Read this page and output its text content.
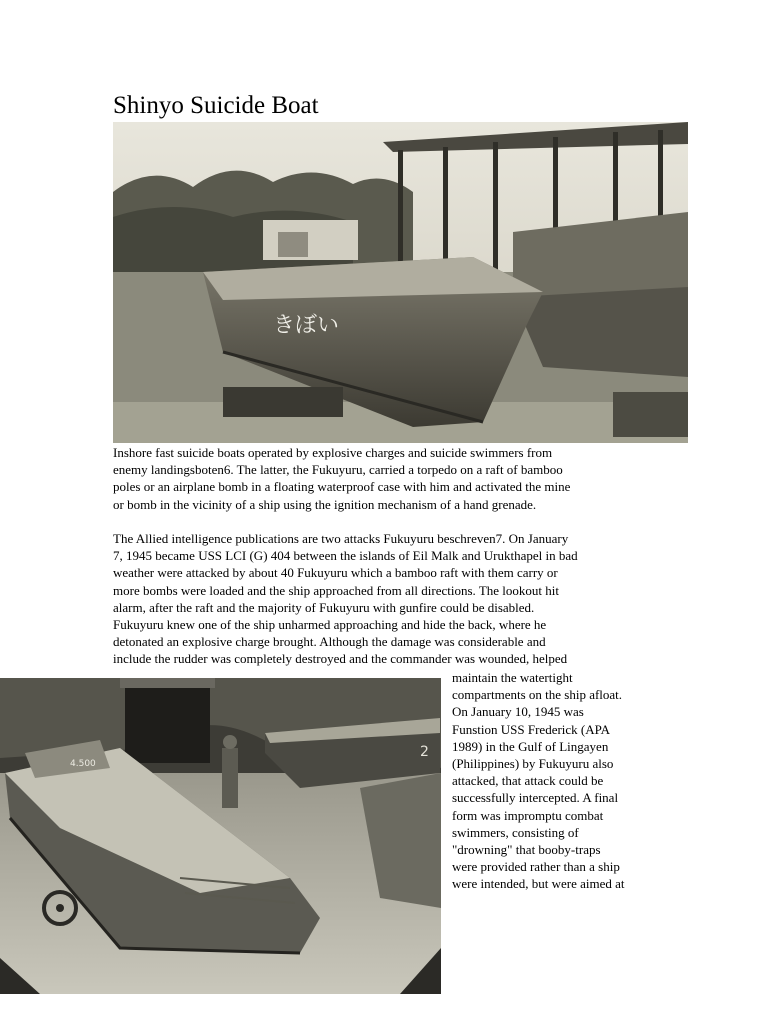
Shinyo Suicide Boat
きぼい
Inshore fast suicide boats operated by explosive charges and suicide swimmers from
enemy landingsboten6. The latter, the Fukuyuru, carried a torpedo on a raft of bamboo
poles or an airplane bomb in a floating waterproof case with him and activated the mine
or bomb in the vicinity of a ship using the ignition mechanism of a hand grenade.
The Allied intelligence publications are two attacks Fukuyuru beschreven7. On January
7, 1945 became USS LCI (G) 404 between the islands of Eil Malk and Urukthapel in bad
weather were attacked by about 40 Fukuyuru which a bamboo raft with them carry or
more bombs were loaded and the ship approached from all directions. The lookout hit
alarm, after the raft and the majority of Fukuyuru with gunfire could be disabled.
Fukuyuru knew one of the ship unharmed approaching and hide the back, where he
detonated an explosive charge brought. Although the damage was considerable and
include the rudder was completely destroyed and the commander was wounded, helped
2
4.500
maintain the watertight
compartments on the ship afloat.
On January 10, 1945 was
Funstion USS Frederick (APA
1989) in the Gulf of Lingayen
(Philippines) by Fukuyuru also
attacked, that attack could be
successfully intercepted. A final
form was impromptu combat
swimmers, consisting of
"drowning" that booby-traps
were provided rather than a ship
were intended, but were aimed at
